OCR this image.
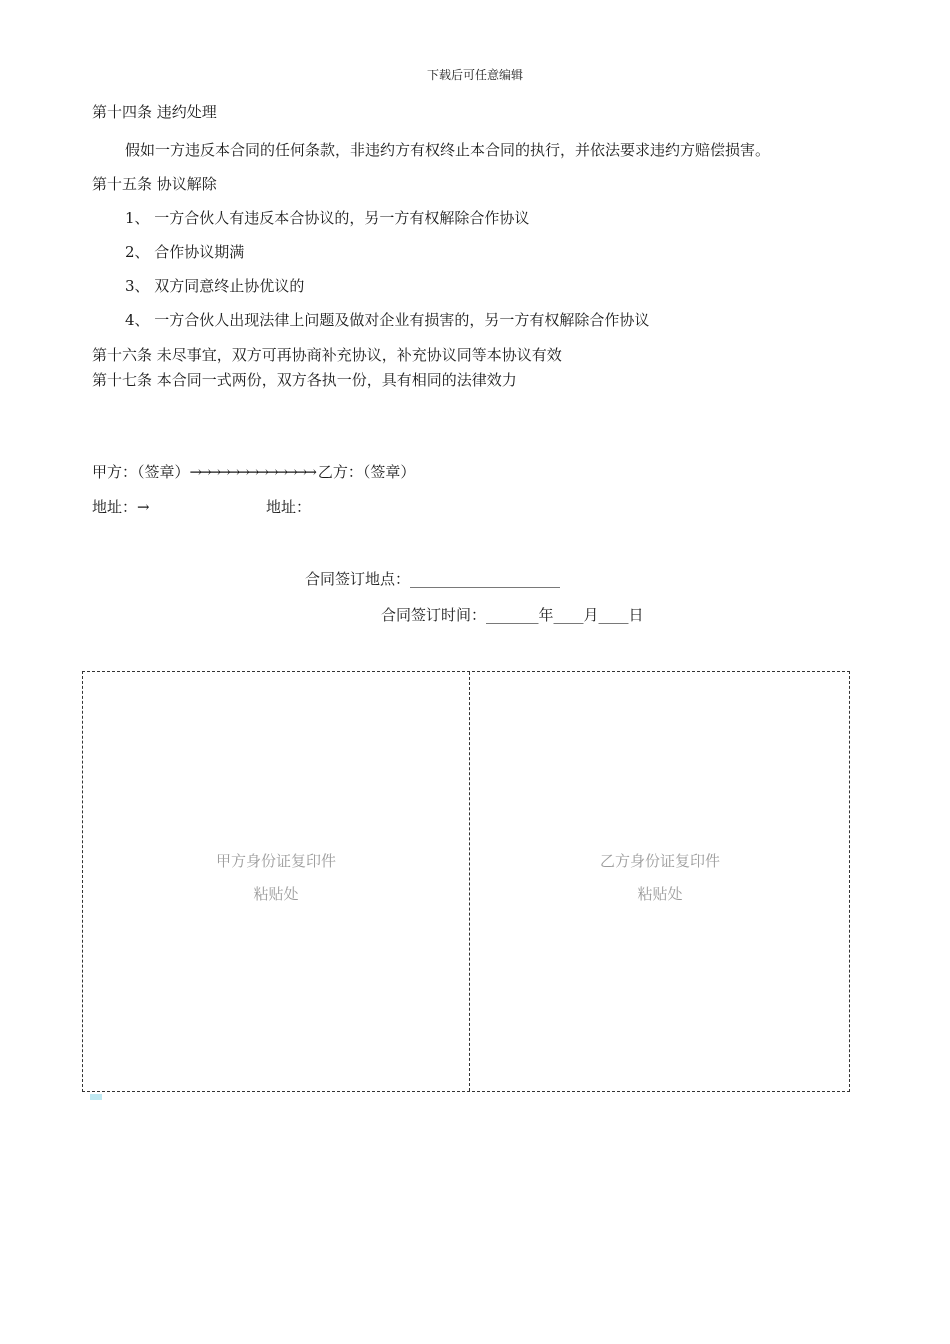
下载后可任意编辑
第十四条 违约处理
假如一方违反本合同的任何条款，非违约方有权终止本合同的执行，并依法要求违约方赔偿损害。
第十五条 协议解除
1、 一方合伙人有违反本合协议的，另一方有权解除合作协议
2、 合作协议期满
3、 双方同意终止协优议的
4、 一方合伙人出现法律上问题及做对企业有损害的，另一方有权解除合作协议
第十六条 未尽事宜，双方可再协商补充协议，补充协议同等本协议有效
第十七条 本合同一式两份，双方各执一份，具有相同的法律效力
甲方：（签章）→→→→→→→→→→→→→ 乙方：（签章）
地址：→	地址：
合同签订地点：____________________
合同签订时间：_______年____月____日
甲方身份证复印件
粘贴处
乙方身份证复印件
粘贴处
